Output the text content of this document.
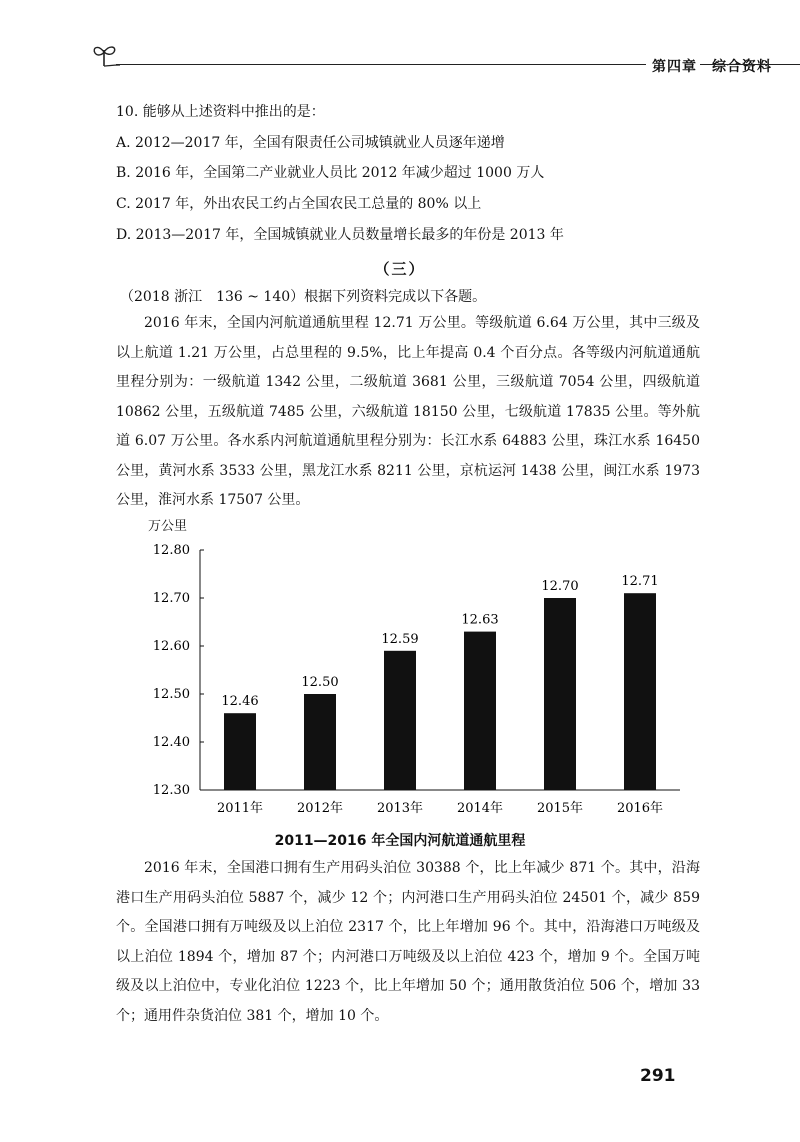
第四章　综合资料
10. 能够从上述资料中推出的是：
A. 2012—2017 年，全国有限责任公司城镇就业人员逐年递增
B. 2016 年，全国第二产业就业人员比 2012 年减少超过 1000 万人
C. 2017 年，外出农民工约占全国农民工总量的 80% 以上
D. 2013—2017 年，全国城镇就业人员数量增长最多的年份是 2013 年
（三）
（2018 浙江　136 ~ 140）根据下列资料完成以下各题。

2016 年末，全国内河航道通航里程 12.71 万公里。等级航道 6.64 万公里，其中三级及以上航道 1.21 万公里，占总里程的 9.5%，比上年提高 0.4 个百分点。各等级内河航道通航里程分别为：一级航道 1342 公里，二级航道 3681 公里，三级航道 7054 公里，四级航道 10862 公里，五级航道 7485 公里，六级航道 18150 公里，七级航道 17835 公里。等外航道 6.07 万公里。各水系内河航道通航里程分别为：长江水系 64883 公里，珠江水系 16450 公里，黄河水系 3533 公里，黑龙江水系 8211 公里，京杭运河 1438 公里，闽江水系 1973 公里，淮河水系 17507 公里。

万公里
12.30
12.40
12.50
12.60
12.70
12.80
12.46
2011年
12.50
2012年
12.59
2013年
12.63
2014年
12.70
2015年
12.71
2016年
2011—2016 年全国内河航道通航里程

2016 年末，全国港口拥有生产用码头泊位 30388 个，比上年减少 871 个。其中，沿海港口生产用码头泊位 5887 个，减少 12 个；内河港口生产用码头泊位 24501 个，减少 859 个。全国港口拥有万吨级及以上泊位 2317 个，比上年增加 96 个。其中，沿海港口万吨级及以上泊位 1894 个，增加 87 个；内河港口万吨级及以上泊位 423 个，增加 9 个。全国万吨级及以上泊位中，专业化泊位 1223 个，比上年增加 50 个；通用散货泊位 506 个，增加 33 个；通用件杂货泊位 381 个，增加 10 个。

291
